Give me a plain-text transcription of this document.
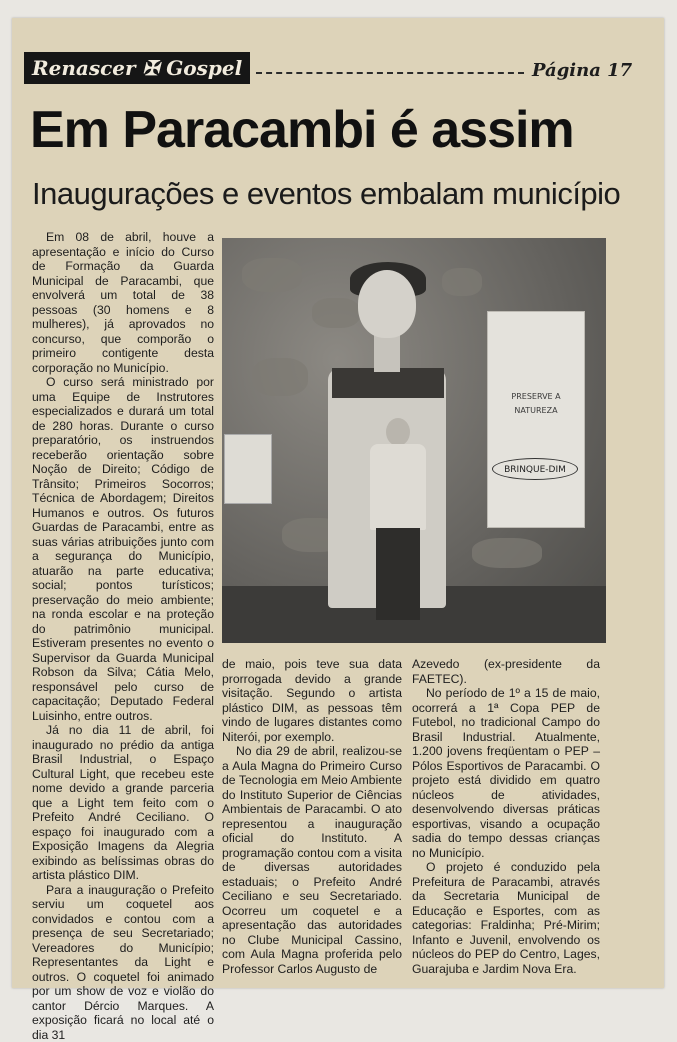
Renascer ✠ Gospel	Página 17
Em Paracambi é assim
Inaugurações e eventos embalam município

Em 08 de abril, houve a apresentação e início do Curso de Formação da Guarda Municipal de Paracambi, que envolverá um total de 38 pessoas (30 homens e 8 mulheres), já aprovados no concurso, que comporão o primeiro contigente desta corporação no Município.

O curso será ministrado por uma Equipe de Instrutores especializados e durará um total de 280 horas. Durante o curso preparatório, os instruendos receberão orientação sobre Noção de Direito; Código de Trânsito; Primeiros Socorros; Técnica de Abordagem; Direitos Humanos e outros. Os futuros Guardas de Paracambi, entre as suas várias atribuições junto com a segurança do Município, atuarão na parte educativa; social; pontos turísticos; preservação do meio ambiente; na ronda escolar e na proteção do patrimônio municipal. Estiveram presentes no evento o Supervisor da Guarda Municipal Robson da Silva; Cátia Melo, responsável pelo curso de capacitação; Deputado Federal Luisinho, entre outros.

Já no dia 11 de abril, foi inaugurado no prédio da antiga Brasil Industrial, o Espaço Cultural Light, que recebeu este nome devido a grande parceria que a Light tem feito com o Prefeito André Ceciliano. O espaço foi inaugurado com a Exposição Imagens da Alegria exibindo as belíssimas obras do artista plástico DIM.

Para a inauguração o Prefeito serviu um coquetel aos convidados e contou com a presença de seu Secretariado; Vereadores do Município; Representantes da Light e outros. O coquetel foi animado por um show de voz e violão do cantor Dércio Marques. A exposição ficará no local até o dia 31

PRESERVE A NATUREZA
BRINQUE-DIM

de maio, pois teve sua data prorrogada devido a grande visitação. Segundo o artista plástico DIM, as pessoas têm vindo de lugares distantes como Niterói, por exemplo.

No dia 29 de abril, realizou-se a Aula Magna do Primeiro Curso de Tecnologia em Meio Ambiente do Instituto Superior de Ciências Ambientais de Paracambi. O ato representou a inauguração oficial do Instituto. A programação contou com a visita de diversas autoridades estaduais; o Prefeito André Ceciliano e seu Secretariado. Ocorreu um coquetel e a apresentação das autoridades no Clube Municipal Cassino, com Aula Magna proferida pelo Professor Carlos Augusto de

Azevedo (ex-presidente da FAETEC).

No período de 1º a 15 de maio, ocorrerá a 1ª Copa PEP de Futebol, no tradicional Campo do Brasil Industrial. Atualmente, 1.200 jovens freqüentam o PEP – Pólos Esportivos de Paracambi. O projeto está dividido em quatro núcleos de atividades, desenvolvendo diversas práticas esportivas, visando a ocupação sadia do tempo dessas crianças no Município.

O projeto é conduzido pela Prefeitura de Paracambi, através da Secretaria Municipal de Educação e Esportes, com as categorias: Fraldinha; Pré-Mirim; Infanto e Juvenil, envolvendo os núcleos do PEP do Centro, Lages, Guarajuba e Jardim Nova Era.
